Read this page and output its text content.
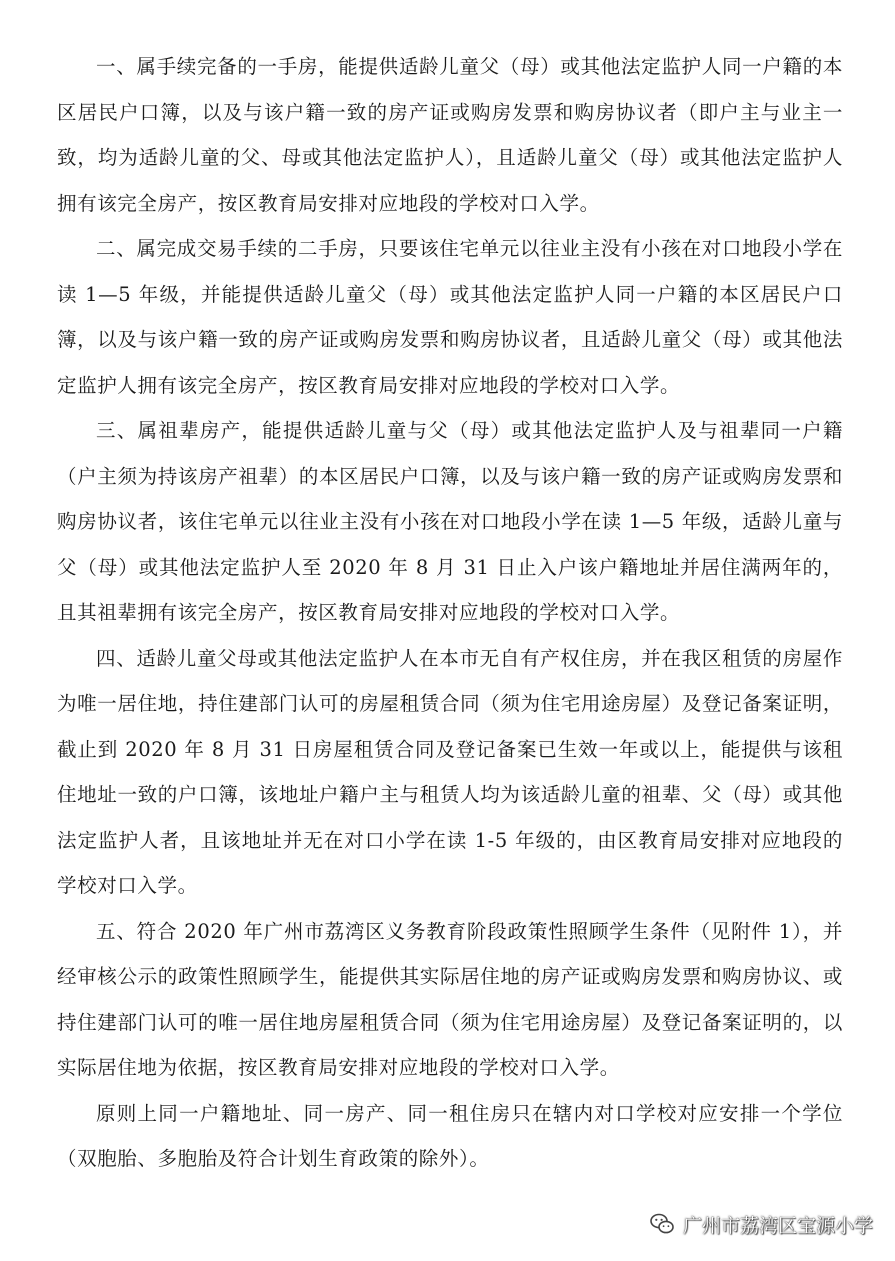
一、属手续完备的一手房，能提供适龄儿童父（母）或其他法定监护人同一户籍的本区居民户口簿，以及与该户籍一致的房产证或购房发票和购房协议者（即户主与业主一致，均为适龄儿童的父、母或其他法定监护人），且适龄儿童父（母）或其他法定监护人拥有该完全房产，按区教育局安排对应地段的学校对口入学。

二、属完成交易手续的二手房，只要该住宅单元以往业主没有小孩在对口地段小学在读 1—5 年级，并能提供适龄儿童父（母）或其他法定监护人同一户籍的本区居民户口簿，以及与该户籍一致的房产证或购房发票和购房协议者，且适龄儿童父（母）或其他法定监护人拥有该完全房产，按区教育局安排对应地段的学校对口入学。

三、属祖辈房产，能提供适龄儿童与父（母）或其他法定监护人及与祖辈同一户籍（户主须为持该房产祖辈）的本区居民户口簿，以及与该户籍一致的房产证或购房发票和购房协议者，该住宅单元以往业主没有小孩在对口地段小学在读 1—5 年级，适龄儿童与父（母）或其他法定监护人至 2020 年 8 月 31 日止入户该户籍地址并居住满两年的，且其祖辈拥有该完全房产，按区教育局安排对应地段的学校对口入学。

四、适龄儿童父母或其他法定监护人在本市无自有产权住房，并在我区租赁的房屋作为唯一居住地，持住建部门认可的房屋租赁合同（须为住宅用途房屋）及登记备案证明，截止到 2020 年 8 月 31 日房屋租赁合同及登记备案已生效一年或以上，能提供与该租住地址一致的户口簿，该地址户籍户主与租赁人均为该适龄儿童的祖辈、父（母）或其他法定监护人者，且该地址并无在对口小学在读 1-5 年级的，由区教育局安排对应地段的学校对口入学。

五、符合 2020 年广州市荔湾区义务教育阶段政策性照顾学生条件（见附件 1），并经审核公示的政策性照顾学生，能提供其实际居住地的房产证或购房发票和购房协议、或持住建部门认可的唯一居住地房屋租赁合同（须为住宅用途房屋）及登记备案证明的，以实际居住地为依据，按区教育局安排对应地段的学校对口入学。

原则上同一户籍地址、同一房产、同一租住房只在辖内对口学校对应安排一个学位（双胞胎、多胞胎及符合计划生育政策的除外）。

广州市荔湾区宝源小学
